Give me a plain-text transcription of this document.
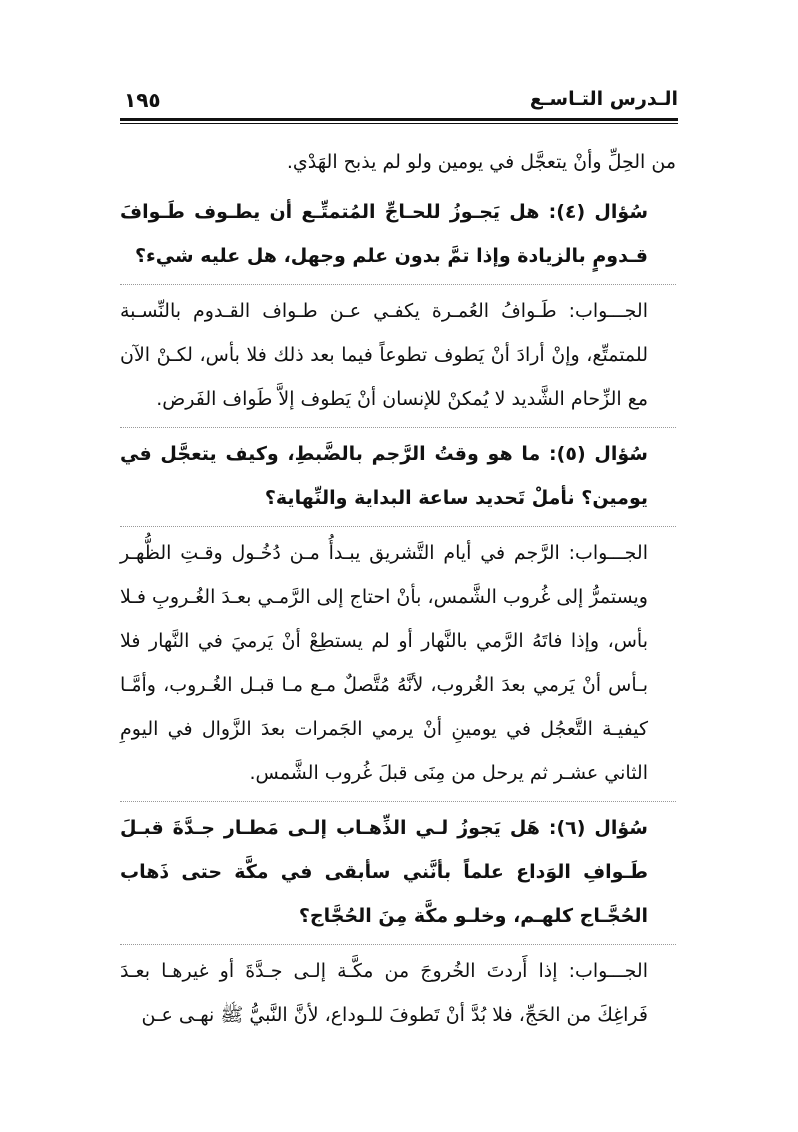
الـدرس التـاسـع
١٩٥

من الحِلِّ وأنْ يتعجَّل في يومين ولو لم يذبح الهَدْي.

سُؤال (٤): هل يَجـوزُ للحـاجِّ المُتمتِّـع أن يطـوف طَـوافَ قـدومٍ بالزيادة وإذا تمَّ بدون علم وجهل، هل عليه شيء؟

الجـــواب: طَـوافُ العُمـرة يكفـي عـن طـواف القـدوم بالنِّسـبة للمتمتِّع، وإنْ أرادَ أنْ يَطوف تطوعاً فيما بعد ذلك فلا بأس، لكـنْ الآن مع الزِّحام الشَّديد لا يُمكنْ للإنسان أنْ يَطوف إلاَّ طَواف الفَرض.

سُؤال (٥): ما هو وقتُ الرَّجم بالضَّبطِ، وكيف يتعجَّل في يومين؟ نأملْ تَحديد ساعة البداية والنِّهاية؟

الجـــواب: الرَّجم في أيام التَّشريق يبـدأُ مـن دُخُـول وقـتِ الظُّهـر ويستمرُّ إلى غُروب الشَّمس، بأنْ احتاج إلى الرَّمـي بعـدَ الغُـروبِ فـلا بأس، وإذا فاتَهُ الرَّمي بالنَّهار أو لم يستطِعْ أنْ يَرميَ في النَّهار فلا بـأس أنْ يَرمي بعدَ الغُروب، لأنَّهُ مُتَّصلٌ مـع مـا قبـل الغُـروب، وأمَّـا كيفيـة التَّعجُل في يومينِ أنْ يرمي الجَمرات بعدَ الزَّوال في اليومِ الثاني عشـر ثم يرحل من مِنَى قبلَ غُروب الشَّمس.

سُؤال (٦): هَل يَجوزُ لـي الذِّهـاب إلـى مَطـار جـدَّةَ قبـلَ طَـوافِ الوَداع علماً بأنَّني سأبقى في مكَّة حتى ذَهاب الحُجَّـاج كلهـم، وخلـو مكَّة مِنَ الحُجَّاج؟

الجـــواب: إذا أَردتَ الخُروجَ من مكَّـة إلـى جـدَّةَ أو غيرهـا بعـدَ فَراغِكَ من الحَجِّ، فلا بُدَّ أنْ تَطوفَ للـوداع، لأنَّ النَّبيُّ ﷺ نهـى عـن
